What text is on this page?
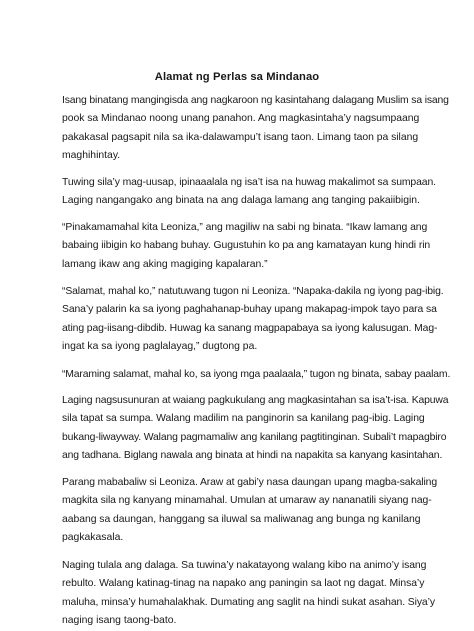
Alamat ng Perlas sa Mindanao
Isang binatang mangingisda ang nagkaroon ng kasintahang dalagang Muslim sa isang
pook sa Mindanao noong unang panahon. Ang magkasintaha’y nagsumpaang
pakakasal pagsapit nila sa ika-dalawampu’t isang taon. Limang taon pa silang
maghihintay.
Tuwing sila’y mag-uusap, ipinaaalala ng isa’t isa na huwag makalimot sa sumpaan.
Laging nangangako ang binata na ang dalaga lamang ang tanging pakaiibigin.
“Pinakamamahal kita Leoniza,” ang magiliw na sabi ng binata. “Ikaw lamang ang
babaing iibigin ko habang buhay. Gugustuhin ko pa ang kamatayan kung hindi rin
lamang ikaw ang aking magiging kapalaran.”
“Salamat, mahal ko,” natutuwang tugon ni Leoniza. “Napaka-dakila ng iyong pag-ibig.
Sana’y palarin ka sa iyong paghahanap-buhay upang makapag-impok tayo para sa
ating pag-iisang-dibdib. Huwag ka sanang magpapabaya sa iyong kalusugan. Mag-
ingat ka sa iyong paglalayag,” dugtong pa.
“Maraming salamat, mahal ko, sa iyong mga paalaala,” tugon ng binata, sabay paalam.
Laging nagsusunuran at waiang pagkukulang ang magkasintahan sa isa’t-isa. Kapuwa
sila tapat sa sumpa. Walang madilim na panginorin sa kanilang pag-ibig. Laging
bukang-liwayway. Walang pagmamaliw ang kanilang pagtitinginan. Subali’t mapagbiro
ang tadhana. Biglang nawala ang binata at hindi na napakita sa kanyang kasintahan.
Parang mababaliw si Leoniza. Araw at gabi’y nasa daungan upang magba-sakaling
magkita sila ng kanyang minamahal. Umulan at umaraw ay nananatili siyang nag-
aabang sa daungan, hanggang sa iluwal sa maliwanag ang bunga ng kanilang
pagkakasala.
Naging tulala ang dalaga. Sa tuwina’y nakatayong walang kibo na animo’y isang
rebulto. Walang katinag-tinag na napako ang paningin sa laot ng dagat. Minsa’y
maluha, minsa’y humahalakhak. Dumating ang saglit na hindi sukat asahan. Siya’y
naging isang taong-bato.
